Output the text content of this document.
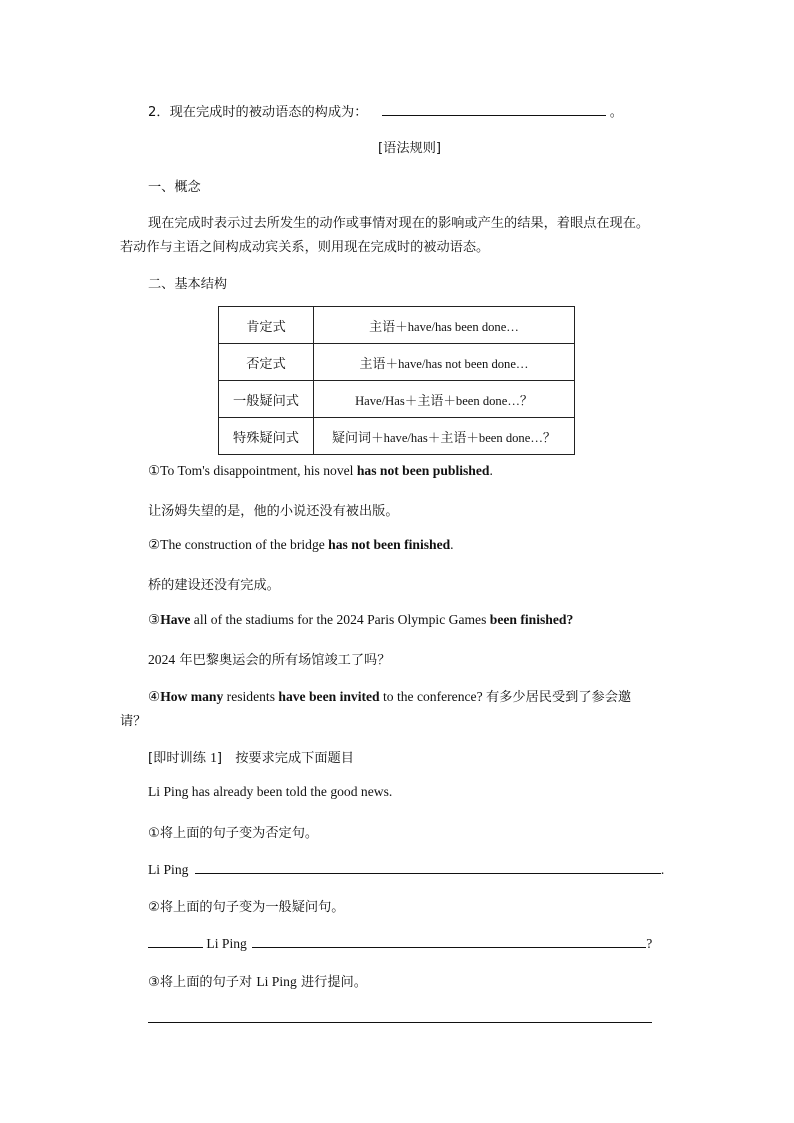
2．现在完成时的被动语态的构成为：	。
[语法规则]
一、概念⁠
现在完成时表示过去所发生的动作或事情对现在的影响或产生的结果，着眼点在现在。
若动作与主语之间构成动宾关系，则用现在完成时的被动语态。
二、基本结构
肯定式	主语＋have/has been done…
否定式	主语＋have/has not been done…
一般疑问式	Have/Has＋主语＋been done…？
特殊疑问式	疑问词＋have/has＋主语＋been done…？
①To Tom's disappointment, his novel has not been published.
让汤姆失望的是，他的小说还没有被出版。
②The construction of the bridge has not been finished.
桥的建设还没有完成。
③Have all of the stadiums for the 2024 Paris Olympic Games been finished?
2024 年巴黎奥运会的所有场馆竣工了吗？
④How many residents have been invited to the conference? 有多少居民受到了参会邀
请？
[即时训练 1]　按要求完成下面题目
Li Ping has already been told the good news.
①将上面的句子变为否定句。
Li Ping	.
②将上面的句子变为一般疑问句。
Li Ping	?
③将上面的句子对 Li Ping 进行提问。
